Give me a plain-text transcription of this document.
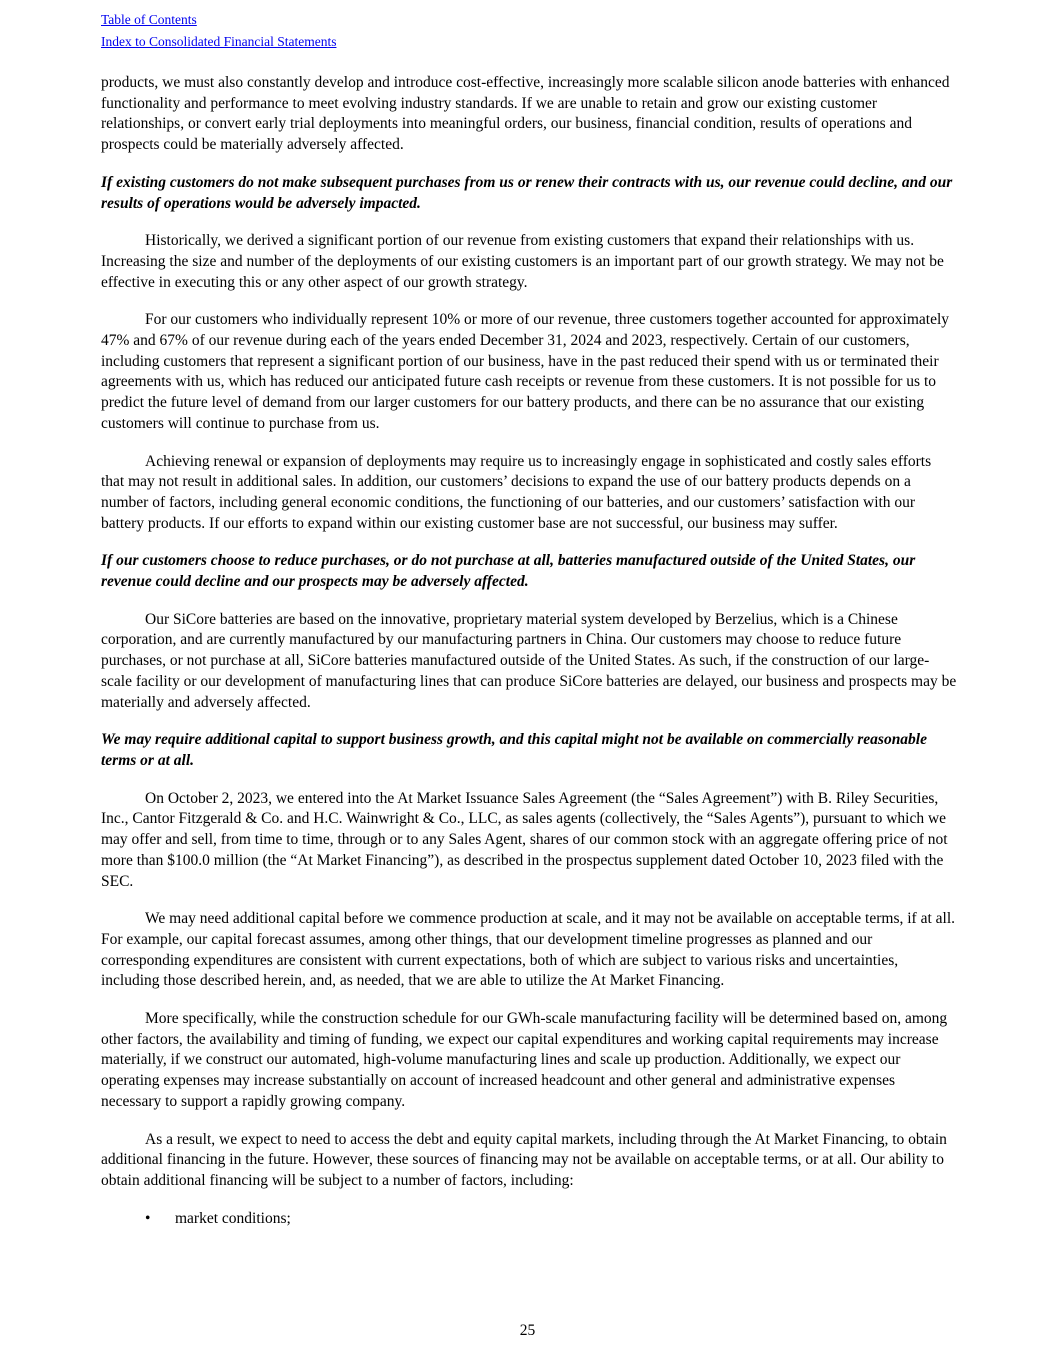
Table of Contents
Index to Consolidated Financial Statements

products, we must also constantly develop and introduce cost-effective, increasingly more scalable silicon anode batteries with enhanced functionality and performance to meet evolving industry standards. If we are unable to retain and grow our existing customer relationships, or convert early trial deployments into meaningful orders, our business, financial condition, results of operations and prospects could be materially adversely affected.

If existing customers do not make subsequent purchases from us or renew their contracts with us, our revenue could decline, and our results of operations would be adversely impacted.

Historically, we derived a significant portion of our revenue from existing customers that expand their relationships with us. Increasing the size and number of the deployments of our existing customers is an important part of our growth strategy. We may not be effective in executing this or any other aspect of our growth strategy.

For our customers who individually represent 10% or more of our revenue, three customers together accounted for approximately 47% and 67% of our revenue during each of the years ended December 31, 2024 and 2023, respectively. Certain of our customers, including customers that represent a significant portion of our business, have in the past reduced their spend with us or terminated their agreements with us, which has reduced our anticipated future cash receipts or revenue from these customers. It is not possible for us to predict the future level of demand from our larger customers for our battery products, and there can be no assurance that our existing customers will continue to purchase from us.

Achieving renewal or expansion of deployments may require us to increasingly engage in sophisticated and costly sales efforts that may not result in additional sales. In addition, our customers’ decisions to expand the use of our battery products depends on a number of factors, including general economic conditions, the functioning of our batteries, and our customers’ satisfaction with our battery products. If our efforts to expand within our existing customer base are not successful, our business may suffer.

If our customers choose to reduce purchases, or do not purchase at all, batteries manufactured outside of the United States, our revenue could decline and our prospects may be adversely affected.

Our SiCore batteries are based on the innovative, proprietary material system developed by Berzelius, which is a Chinese corporation, and are currently manufactured by our manufacturing partners in China. Our customers may choose to reduce future purchases, or not purchase at all, SiCore batteries manufactured outside of the United States. As such, if the construction of our large-scale facility or our development of manufacturing lines that can produce SiCore batteries are delayed, our business and prospects may be materially and adversely affected.

We may require additional capital to support business growth, and this capital might not be available on commercially reasonable terms or at all.

On October 2, 2023, we entered into the At Market Issuance Sales Agreement (the “Sales Agreement”) with B. Riley Securities, Inc., Cantor Fitzgerald & Co. and H.C. Wainwright & Co., LLC, as sales agents (collectively, the “Sales Agents”), pursuant to which we may offer and sell, from time to time, through or to any Sales Agent, shares of our common stock with an aggregate offering price of not more than $100.0 million (the “At Market Financing”), as described in the prospectus supplement dated October 10, 2023 filed with the SEC.

We may need additional capital before we commence production at scale, and it may not be available on acceptable terms, if at all. For example, our capital forecast assumes, among other things, that our development timeline progresses as planned and our corresponding expenditures are consistent with current expectations, both of which are subject to various risks and uncertainties, including those described herein, and, as needed, that we are able to utilize the At Market Financing.

More specifically, while the construction schedule for our GWh-scale manufacturing facility will be determined based on, among other factors, the availability and timing of funding, we expect our capital expenditures and working capital requirements may increase materially, if we construct our automated, high-volume manufacturing lines and scale up production. Additionally, we expect our operating expenses may increase substantially on account of increased headcount and other general and administrative expenses necessary to support a rapidly growing company.

As a result, we expect to need to access the debt and equity capital markets, including through the At Market Financing, to obtain additional financing in the future. However, these sources of financing may not be available on acceptable terms, or at all. Our ability to obtain additional financing will be subject to a number of factors, including:

•	market conditions;
25
